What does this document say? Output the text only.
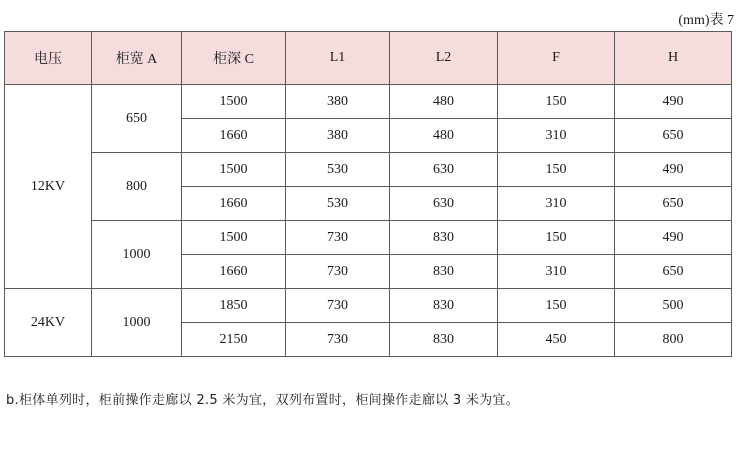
(mm)表 7
电压	柜宽 A	柜深 C	L1	L2	F	H
12KV	650	1500	380	480	150	490
		1660	380	480	310	650
	800	1500	530	630	150	490
		1660	530	630	310	650
	1000	1500	730	830	150	490
		1660	730	830	310	650
24KV	1000	1850	730	830	150	500
		2150	730	830	450	800
b.柜体单列时，柜前操作走廊以 2.5 米为宜，双列布置时，柜间操作走廊以 3 米为宜。
